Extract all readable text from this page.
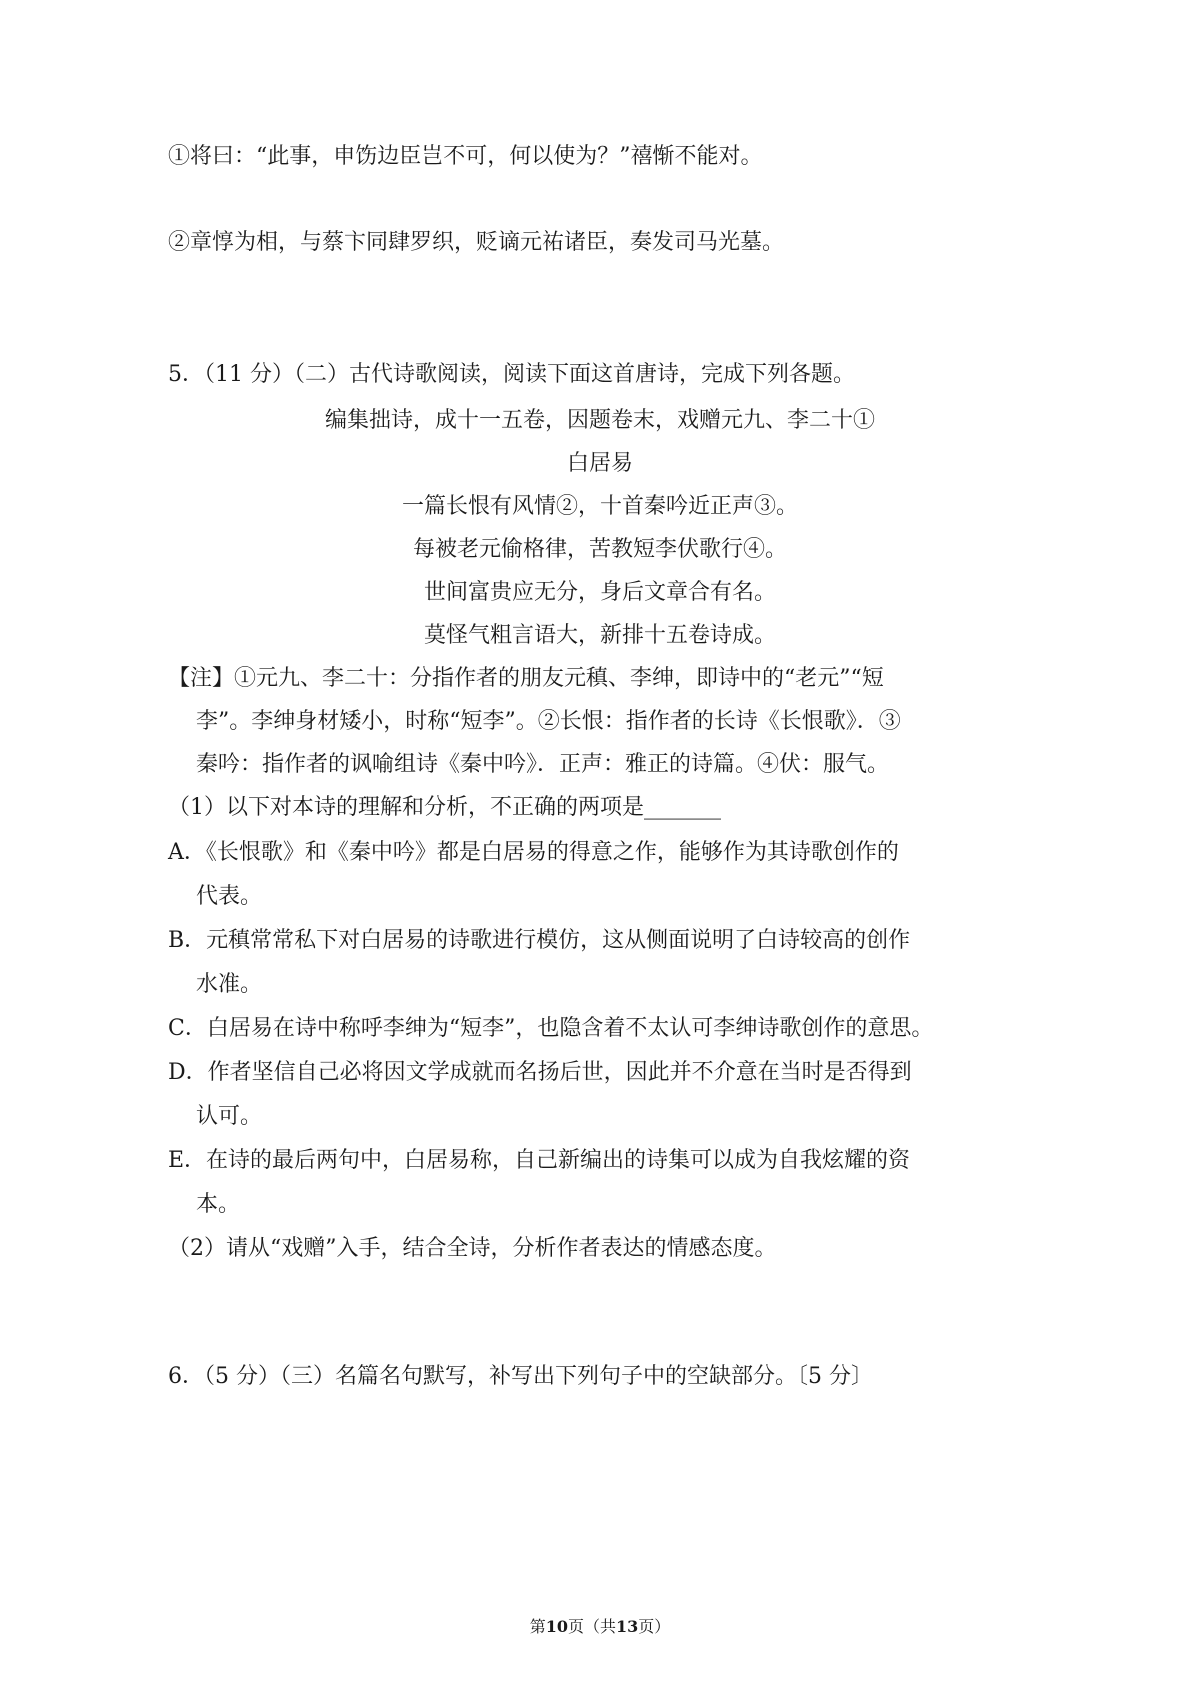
①将曰：“此事，申饬边臣岂不可，何以使为？”禧惭不能对。
②章惇为相，与蔡卞同肆罗织，贬谪元祐诸臣，奏发司马光墓。
5．（11 分）（二）古代诗歌阅读，阅读下面这首唐诗，完成下列各题。
编集拙诗，成十一五卷，因题卷末，戏赠元九、李二十①
白居易
一篇长恨有风情②，十首秦吟近正声③。
每被老元偷格律，苦教短李伏歌行④。
世间富贵应无分，身后文章合有名。
莫怪气粗言语大，新排十五卷诗成。
【注】①元九、李二十：分指作者的朋友元稹、李绅，即诗中的“老元”“短
李”。李绅身材矮小，时称“短李”。②长恨：指作者的长诗《长恨歌》．③
秦吟：指作者的讽喻组诗《秦中吟》．正声：雅正的诗篇。④伏：服气。
（1）以下对本诗的理解和分析，不正确的两项是_______
A．《长恨歌》和《秦中吟》都是白居易的得意之作，能够作为其诗歌创作的
代表。
B．元稹常常私下对白居易的诗歌进行模仿，这从侧面说明了白诗较高的创作
水准。
C．白居易在诗中称呼李绅为“短李”，也隐含着不太认可李绅诗歌创作的意思。
D．作者坚信自己必将因文学成就而名扬后世，因此并不介意在当时是否得到
认可。
E．在诗的最后两句中，白居易称，自己新编出的诗集可以成为自我炫耀的资
本。
（2）请从“戏赠”入手，结合全诗，分析作者表达的情感态度。
6．（5 分）（三）名篇名句默写，补写出下列句子中的空缺部分。〔5 分〕
第10页（共13页）
